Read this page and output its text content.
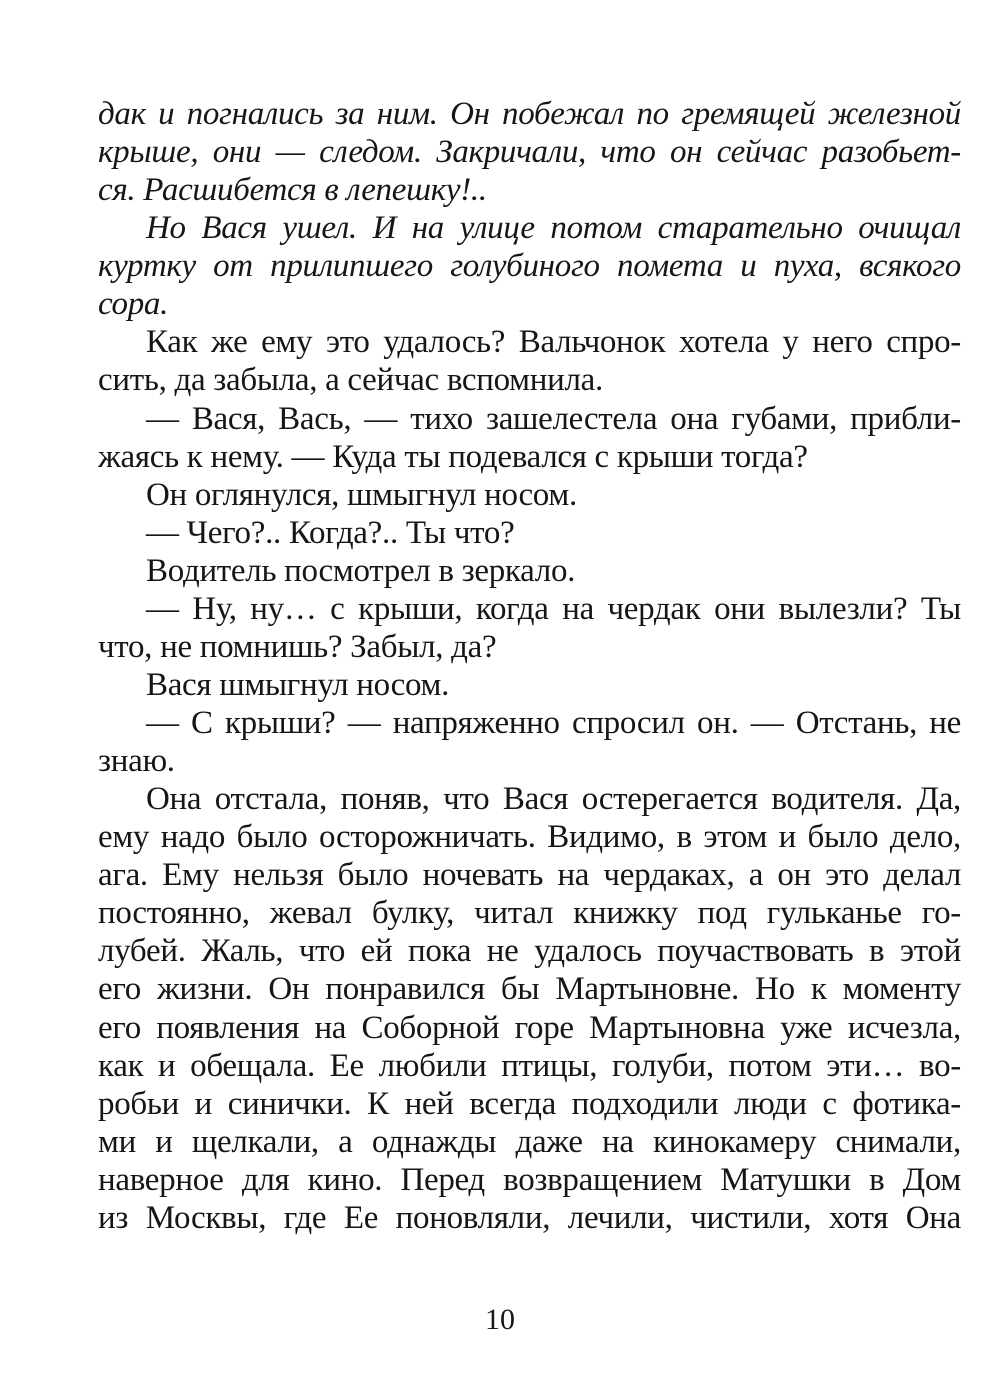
дак и погнались за ним. Он побежал по гремящей железной
крыше, они — следом. Закричали, что он сейчас разобьет-
ся. Расшибется в лепешку!..
Но Вася ушел. И на улице потом старательно очищал
куртку от прилипшего голубиного помета и пуха, всякого
сора.
Как же ему это удалось? Вальчонок хотела у него спро-
сить, да забыла, а сейчас вспомнила.
— Вася, Вась, — тихо зашелестела она губами, прибли-
жаясь к нему. — Куда ты подевался с крыши тогда?
Он оглянулся, шмыгнул носом.
— Чего?.. Когда?.. Ты что?
Водитель посмотрел в зеркало.
— Ну, ну… с крыши, когда на чердак они вылезли? Ты
что, не помнишь? Забыл, да?
Вася шмыгнул носом.
— С крыши? — напряженно спросил он. — Отстань, не
знаю.
Она отстала, поняв, что Вася остерегается водителя. Да,
ему надо было осторожничать. Видимо, в этом и было дело,
ага. Ему нельзя было ночевать на чердаках, а он это делал
постоянно, жевал булку, читал книжку под гульканье го-
лубей. Жаль, что ей пока не удалось поучаствовать в этой
его жизни. Он понравился бы Мартыновне. Но к моменту
его появления на Соборной горе Мартыновна уже исчезла,
как и обещала. Ее любили птицы, голуби, потом эти… во-
робьи и синички. К ней всегда подходили люди с фотика-
ми и щелкали, а однажды даже на кинокамеру снимали,
наверное для кино. Перед возвращением Матушки в Дом
из Москвы, где Ее поновляли, лечили, чистили, хотя Она
10
